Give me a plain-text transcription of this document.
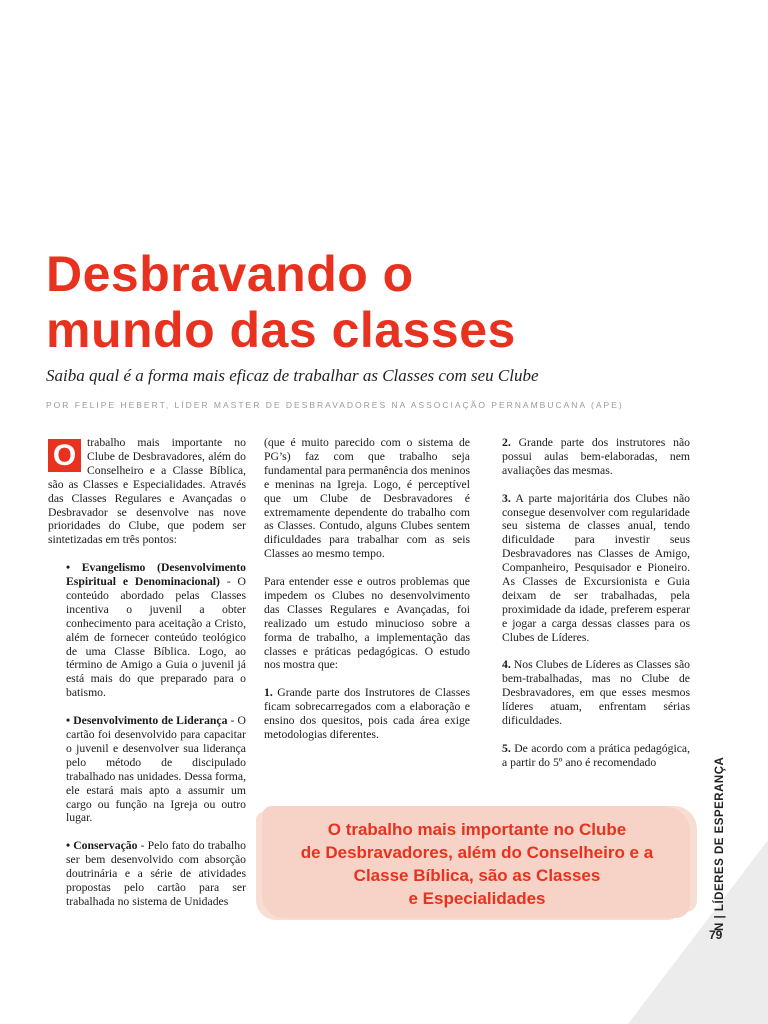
Desbravando o
mundo das classes

Saiba qual é a forma mais eficaz de trabalhar as Classes com seu Clube

POR FELIPE HEBERT, LÍDER MASTER DE DESBRAVADORES NA ASSOCIAÇÃO PERNAMBUCANA (APE)

O trabalho mais importante no Clube de Desbravadores, além do Conselheiro e a Classe Bíblica, são as Classes e Especialidades. Através das Classes Regulares e Avançadas o Desbravador se desenvolve nas nove prioridades do Clube, que podem ser sintetizadas em três pontos:

• Evangelismo (Desenvolvimento Espiritual e Denominacional) - O conteúdo abordado pelas Classes incentiva o juvenil a obter conhecimento para aceitação a Cristo, além de fornecer conteúdo teológico de uma Classe Bíblica. Logo, ao término de Amigo a Guia o juvenil já está mais do que preparado para o batismo.

• Desenvolvimento de Liderança - O cartão foi desenvolvido para capacitar o juvenil e desenvolver sua liderança pelo método de discipulado trabalhado nas unidades. Dessa forma, ele estará mais apto a assumir um cargo ou função na Igreja ou outro lugar.

• Conservação - Pelo fato do trabalho ser bem desenvolvido com absorção doutrinária e a série de atividades propostas pelo cartão para ser trabalhada no sistema de Unidades

(que é muito parecido com o sistema de PG’s) faz com que trabalho seja fundamental para permanência dos meninos e meninas na Igreja. Logo, é perceptível que um Clube de Desbravadores é extremamente dependente do trabalho com as Classes. Contudo, alguns Clubes sentem dificuldades para trabalhar com as seis Classes ao mesmo tempo.

Para entender esse e outros problemas que impedem os Clubes no desenvolvimento das Classes Regulares e Avançadas, foi realizado um estudo minucioso sobre a forma de trabalho, a implementação das classes e práticas pedagógicas. O estudo nos mostra que:

1. Grande parte dos Instrutores de Classes ficam sobrecarregados com a elaboração e ensino dos quesitos, pois cada área exige metodologias diferentes.

2. Grande parte dos instrutores não possui aulas bem-elaboradas, nem avaliações das mesmas.

3. A parte majoritária dos Clubes não consegue desenvolver com regularidade seu sistema de classes anual, tendo dificuldade para investir seus Desbravadores nas Classes de Amigo, Companheiro, Pesquisador e Pioneiro. As Classes de Excursionista e Guia deixam de ser trabalhadas, pela proximidade da idade, preferem esperar e jogar a carga dessas classes para os Clubes de Líderes.

4. Nos Clubes de Líderes as Classes são bem-trabalhadas, mas no Clube de Desbravadores, em que esses mesmos líderes atuam, enfrentam sérias dificuldades.

5. De acordo com a prática pedagógica, a partir do 5º ano é recomendado

O trabalho mais importante no Clube
de Desbravadores, além do Conselheiro e a
Classe Bíblica, são as Classes
e Especialidades

N | LÍDERES DE ESPERANÇA
79
